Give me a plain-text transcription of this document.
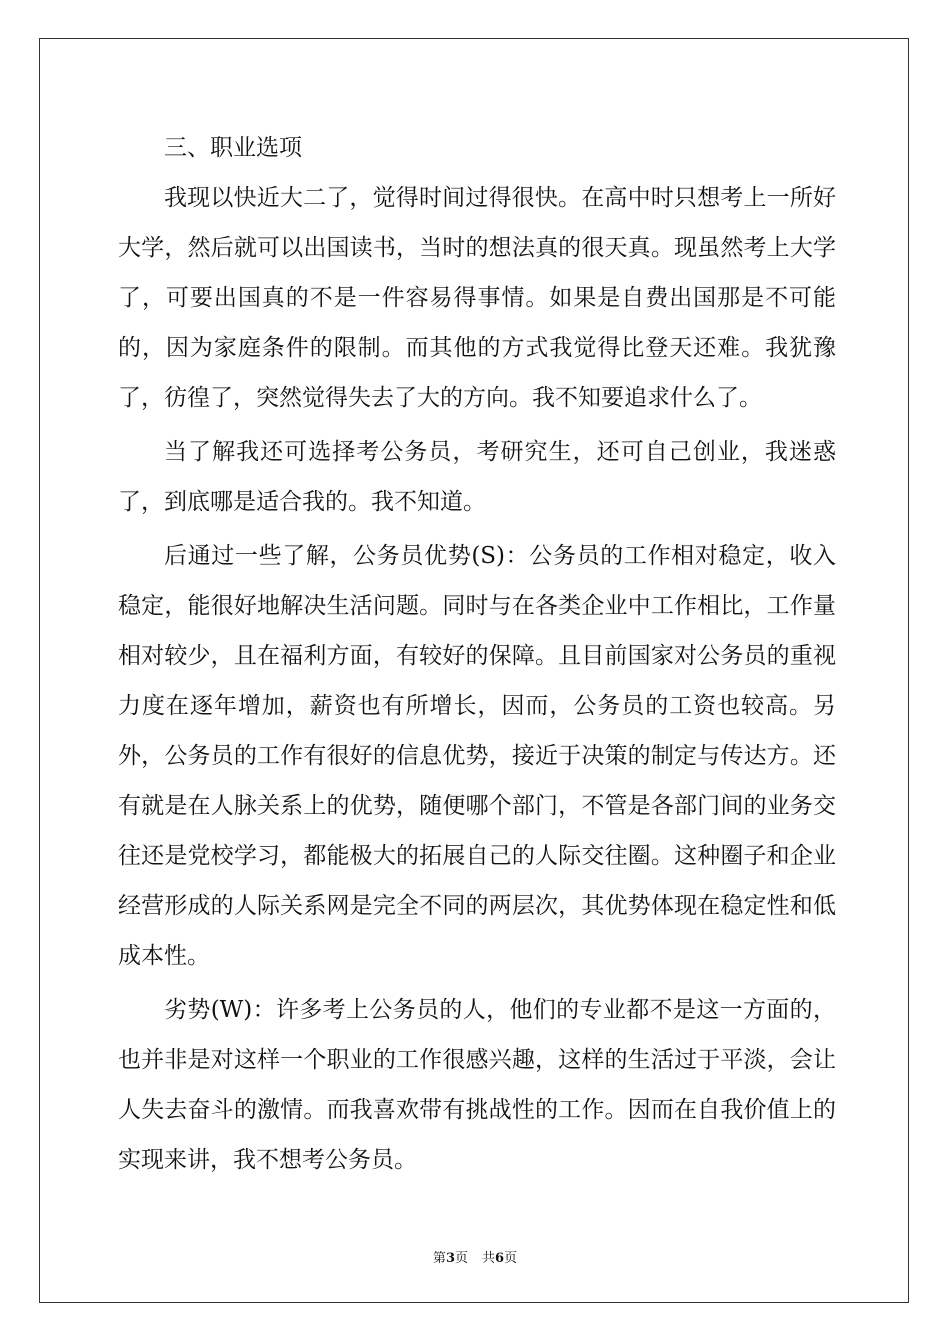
三、职业选项

我现以快近大二了，觉得时间过得很快。在高中时只想考上一所好大学，然后就可以出国读书，当时的想法真的很天真。现虽然考上大学了，可要出国真的不是一件容易得事情。如果是自费出国那是不可能的，因为家庭条件的限制。而其他的方式我觉得比登天还难。我犹豫了，彷徨了，突然觉得失去了大的方向。我不知要追求什么了。

当了解我还可选择考公务员，考研究生，还可自己创业，我迷惑了，到底哪是适合我的。我不知道。

后通过一些了解，公务员优势(S)：公务员的工作相对稳定，收入稳定，能很好地解决生活问题。同时与在各类企业中工作相比，工作量相对较少，且在福利方面，有较好的保障。且目前国家对公务员的重视力度在逐年增加，薪资也有所增长，因而，公务员的工资也较高。另外，公务员的工作有很好的信息优势，接近于决策的制定与传达方。还有就是在人脉关系上的优势，随便哪个部门，不管是各部门间的业务交往还是党校学习，都能极大的拓展自己的人际交往圈。这种圈子和企业经营形成的人际关系网是完全不同的两层次，其优势体现在稳定性和低成本性。

劣势(W)：许多考上公务员的人，他们的专业都不是这一方面的，也并非是对这样一个职业的工作很感兴趣，这样的生活过于平淡，会让人失去奋斗的激情。而我喜欢带有挑战性的工作。因而在自我价值上的实现来讲，我不想考公务员。

第3页 共6页
